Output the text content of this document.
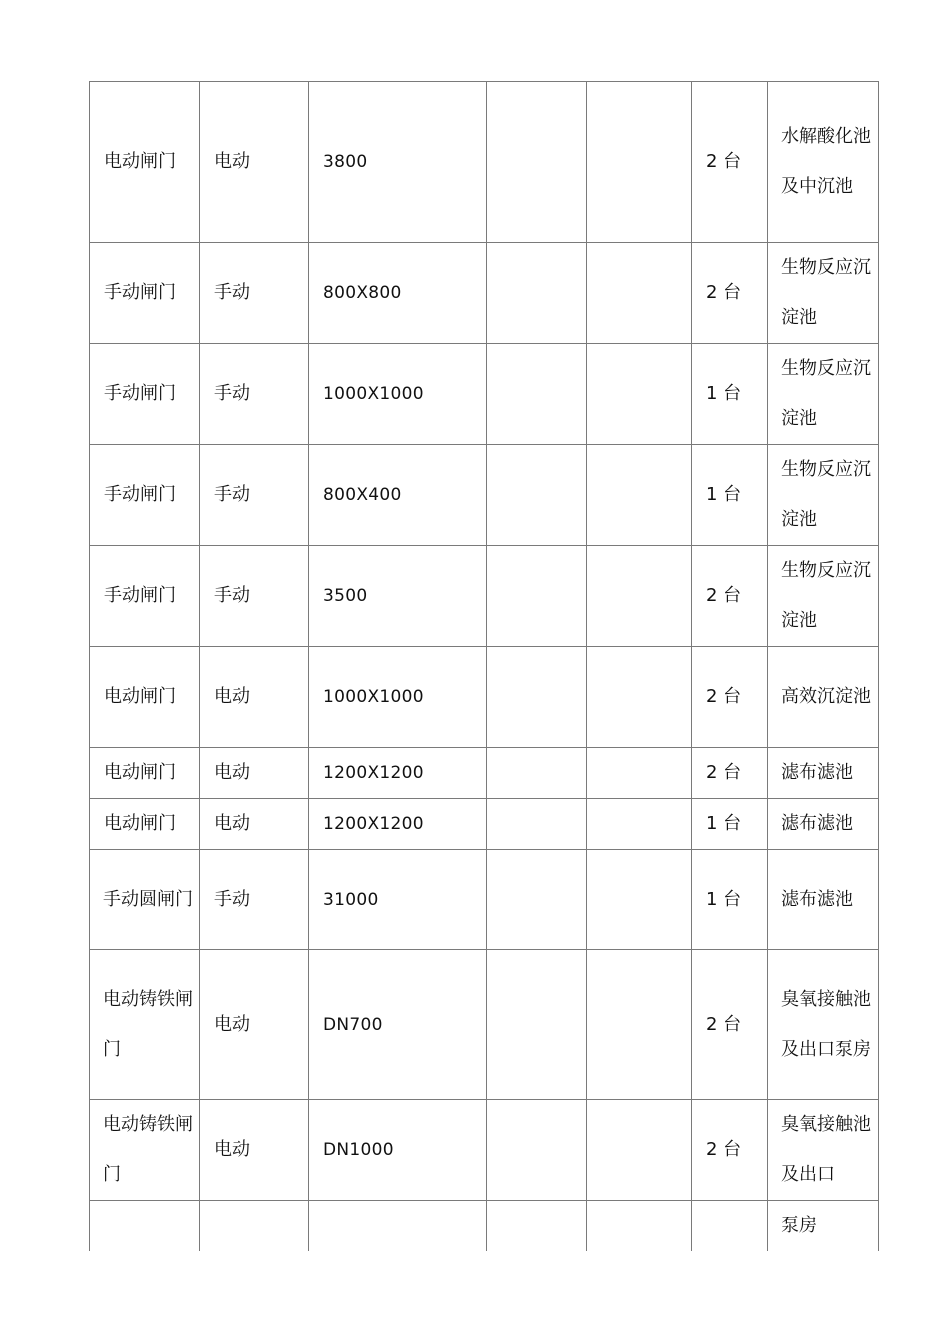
电动闸门	电动	3800			2 台	水解酸化池及中沉池
手动闸门	手动	800X800			2 台	生物反应沉淀池
手动闸门	手动	1000X1000			1 台	生物反应沉淀池
手动闸门	手动	800X400			1 台	生物反应沉淀池
手动闸门	手动	3500			2 台	生物反应沉淀池
电动闸门	电动	1000X1000			2 台	高效沉淀池
电动闸门	电动	1200X1200			2 台	滤布滤池
电动闸门	电动	1200X1200			1 台	滤布滤池
手动圆闸门	手动	31000			1 台	滤布滤池
电动铸铁闸门	电动	DN700			2 台	臭氧接触池及出口泵房
电动铸铁闸门	电动	DN1000			2 台	臭氧接触池及出口
						泵房
